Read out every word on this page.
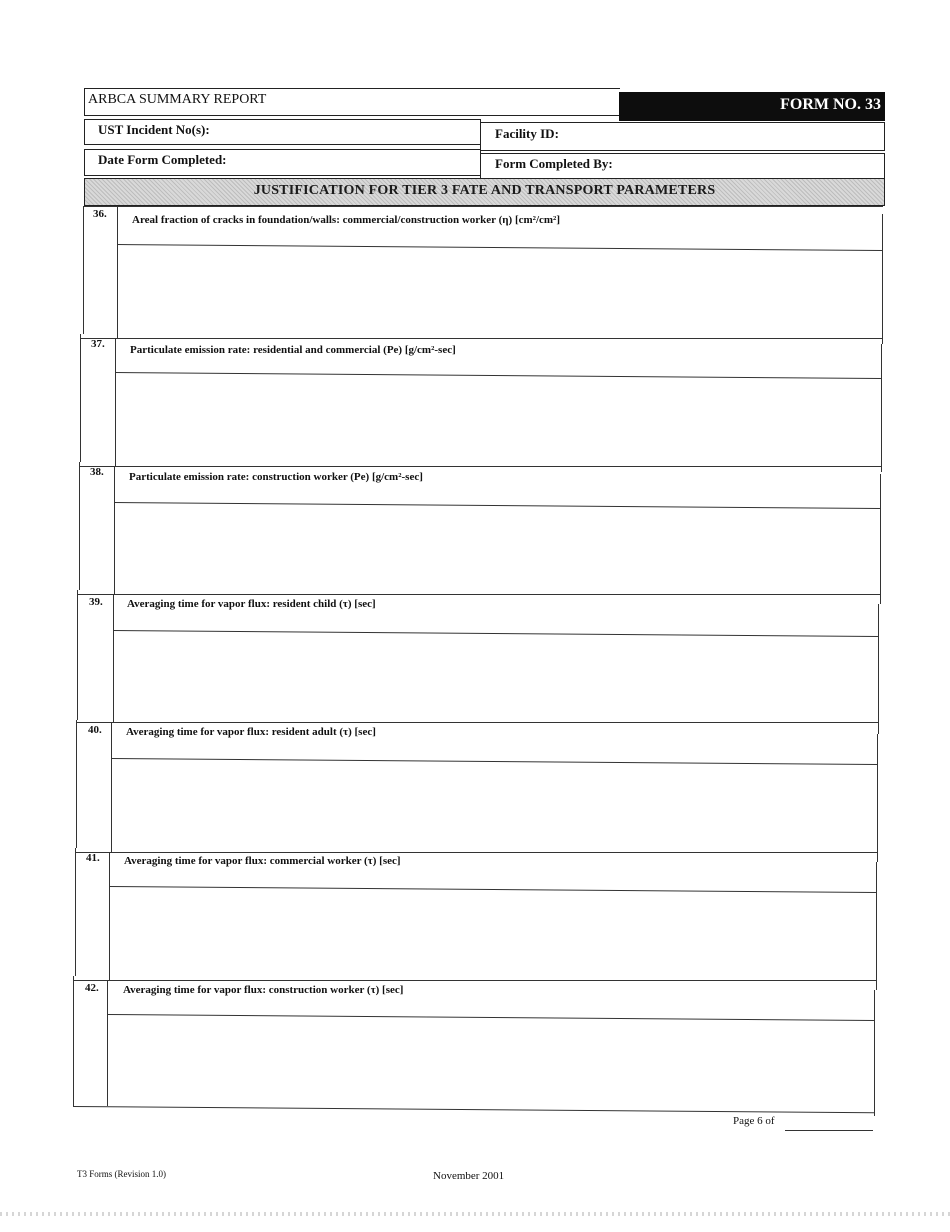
ARBCA SUMMARY REPORT	FORM NO. 33
UST Incident No(s):	Facility ID:
Date Form Completed:	Form Completed By:
JUSTIFICATION FOR TIER 3 FATE AND TRANSPORT PARAMETERS
36. Areal fraction of cracks in foundation/walls: commercial/construction worker (η) [cm²/cm²]
37. Particulate emission rate: residential and commercial (Pe) [g/cm²-sec]
38. Particulate emission rate: construction worker (Pe) [g/cm²-sec]
39. Averaging time for vapor flux: resident child (τ) [sec]
40. Averaging time for vapor flux: resident adult (τ) [sec]
41. Averaging time for vapor flux: commercial worker (τ) [sec]
42. Averaging time for vapor flux: construction worker (τ) [sec]
Page 6 of
T3 Forms (Revision 1.0)	November 2001
